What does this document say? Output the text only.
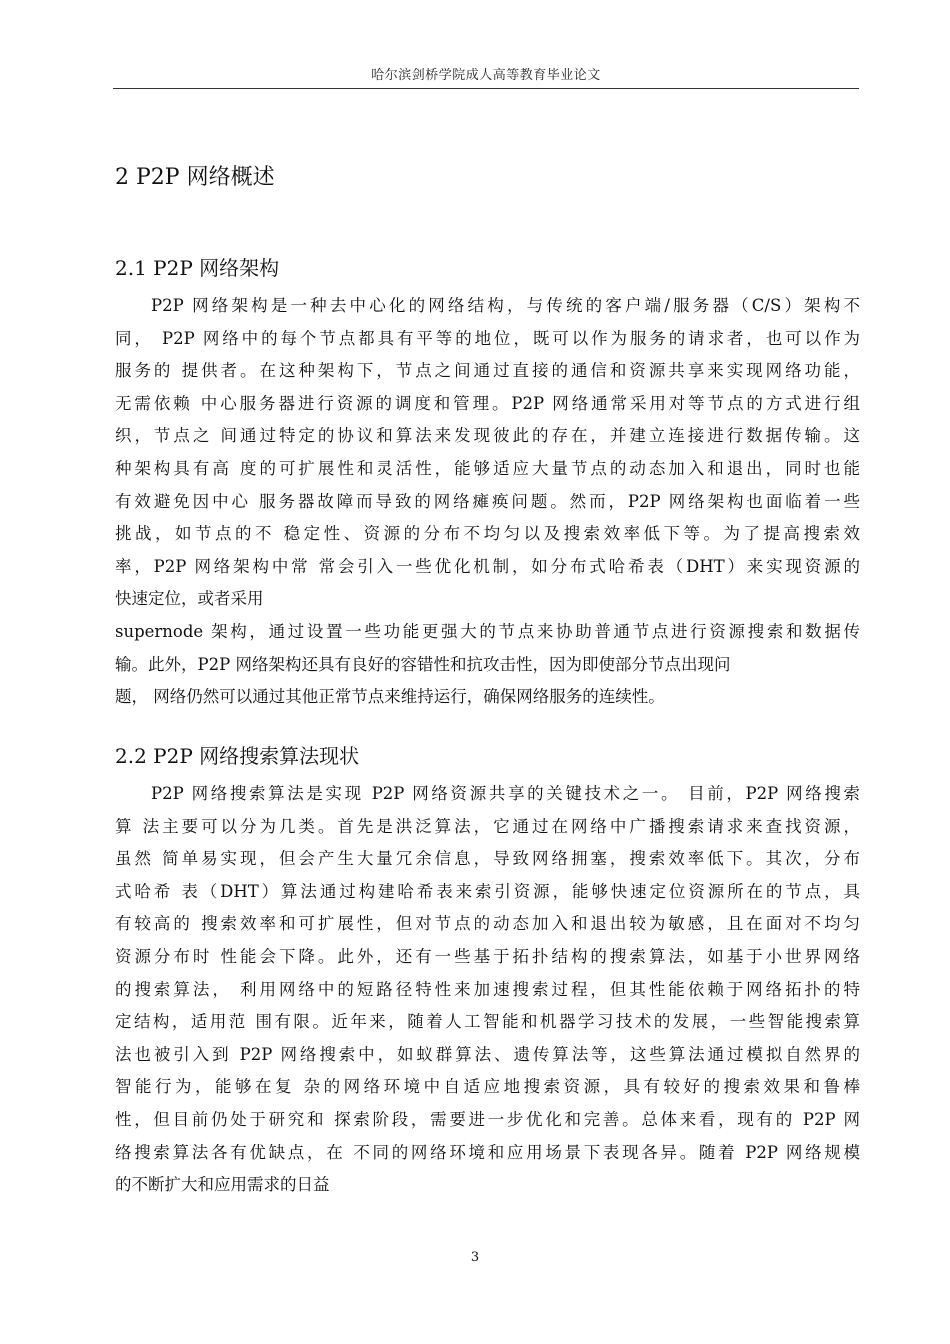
哈尔滨剑桥学院成人高等教育毕业论文
2 P2P 网络概述
2.1 P2P 网络架构
P2P 网络架构是一种去中心化的网络结构，与传统的客户端/服务器（C/S）架构不
同， P2P 网络中的每个节点都具有平等的地位，既可以作为服务的请求者，也可以作为
服务的 提供者。在这种架构下，节点之间通过直接的通信和资源共享来实现网络功能，
无需依赖 中心服务器进行资源的调度和管理。P2P 网络通常采用对等节点的方式进行组
织，节点之 间通过特定的协议和算法来发现彼此的存在，并建立连接进行数据传输。这
种架构具有高 度的可扩展性和灵活性，能够适应大量节点的动态加入和退出，同时也能
有效避免因中心 服务器故障而导致的网络瘫痪问题。然而，P2P 网络架构也面临着一些
挑战，如节点的不 稳定性、资源的分布不均匀以及搜索效率低下等。为了提高搜索效
率，P2P 网络架构中常 常会引入一些优化机制，如分布式哈希表（DHT）来实现资源的
快速定位，或者采用
supernode 架构，通过设置一些功能更强大的节点来协助普通节点进行资源搜索和数据传
输。此外，P2P 网络架构还具有良好的容错性和抗攻击性，因为即使部分节点出现问
题， 网络仍然可以通过其他正常节点来维持运行，确保网络服务的连续性。
2.2 P2P 网络搜索算法现状
P2P 网络搜索算法是实现 P2P 网络资源共享的关键技术之一。 目前，P2P 网络搜索
算 法主要可以分为几类。首先是洪泛算法，它通过在网络中广播搜索请求来查找资源，
虽然 简单易实现，但会产生大量冗余信息，导致网络拥塞，搜索效率低下。其次，分布
式哈希 表（DHT）算法通过构建哈希表来索引资源，能够快速定位资源所在的节点，具
有较高的 搜索效率和可扩展性，但对节点的动态加入和退出较为敏感，且在面对不均匀
资源分布时 性能会下降。此外，还有一些基于拓扑结构的搜索算法，如基于小世界网络
的搜索算法， 利用网络中的短路径特性来加速搜索过程，但其性能依赖于网络拓扑的特
定结构，适用范 围有限。近年来，随着人工智能和机器学习技术的发展，一些智能搜索算
法也被引入到 P2P 网络搜索中，如蚁群算法、遗传算法等，这些算法通过模拟自然界的
智能行为，能够在复 杂的网络环境中自适应地搜索资源，具有较好的搜索效果和鲁棒
性，但目前仍处于研究和 探索阶段，需要进一步优化和完善。总体来看，现有的 P2P 网
络搜索算法各有优缺点，在 不同的网络环境和应用场景下表现各异。随着 P2P 网络规模
的不断扩大和应用需求的日益
3
